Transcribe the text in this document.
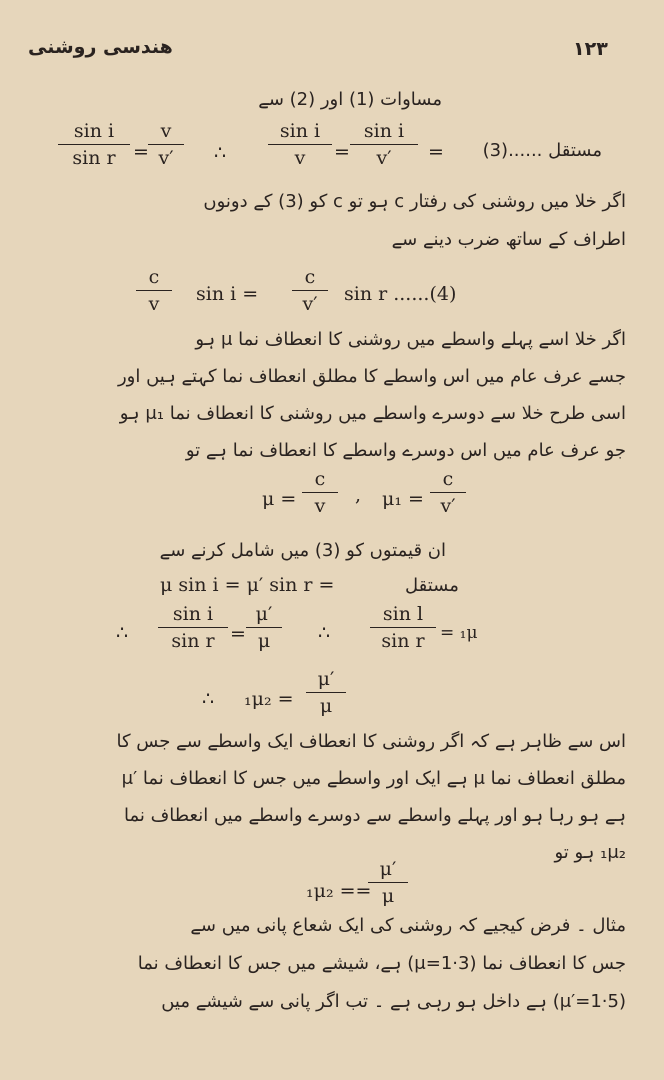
۱۲۳
هندسی روشنی
مساوات (1) اور (2) سے
$\frac{\text{sin i}}{\text{sin r}} = \frac{v}{v'}$ ∴ $\frac{\text{sin i}}{v} = \frac{\text{sin i}}{v'}$ = مستقل ......(3)
اگر خلا میں روشنی کی رفتار c ہو تو c کو (3) کے دونوں
اطراف کے ساتھ ضرب دینے سے
$\frac{c}{v}$ $\sin i = \frac{c}{v'}$ sin r ......(4)
اگر خلا اسے پہلے واسطے میں روشنی کا انعطاف نما μ ہو
جسے عرف عام میں اس واسطے کا مطلق انعطاف نما کہتے ہیں اور
اسی طرح خلا سے دوسرے واسطے میں روشنی کا انعطاف نما μ₁ ہو
جو عرف عام میں اس دوسرے واسطے کا انعطاف نما ہے تو
$\mu = \frac{c}{v}$ , $\mu_1 = \frac{c}{v'}$
ان قیمتوں کو (3) میں شامل کرنے سے
μ sin i = μ′ sin r =	مستقل
∴ $\frac{\text{sin i}}{\text{sin r}} = \frac{\mu'}{\mu}$ ∴ $\frac{\text{sin l}}{\text{sin r}} = _1\mu$
∴ $_1\mu_2 = \frac{\mu'}{\mu}$
اس سے ظاہر ہے کہ اگر روشنی کا انعطاف ایک واسطے سے جس کا
مطلق انعطاف نما μ ہے ایک اور واسطے میں جس کا انعطاف نما ′μ
ہے ہو رہا ہو اور پہلے واسطے سے دوسرے واسطے میں انعطاف نما
₁μ₂ ہو تو
₁μ₂ ==
$\frac{\mu'}{\mu}$
مثال ۔ فرض کیجیے کہ روشنی کی ایک شعاع پانی میں سے
جس کا انعطاف نما (μ=1·3) ہے، شیشے میں جس کا انعطاف نما
(μ′=1·5) ہے داخل ہو رہی ہے ۔ تب اگر پانی سے شیشے میں
